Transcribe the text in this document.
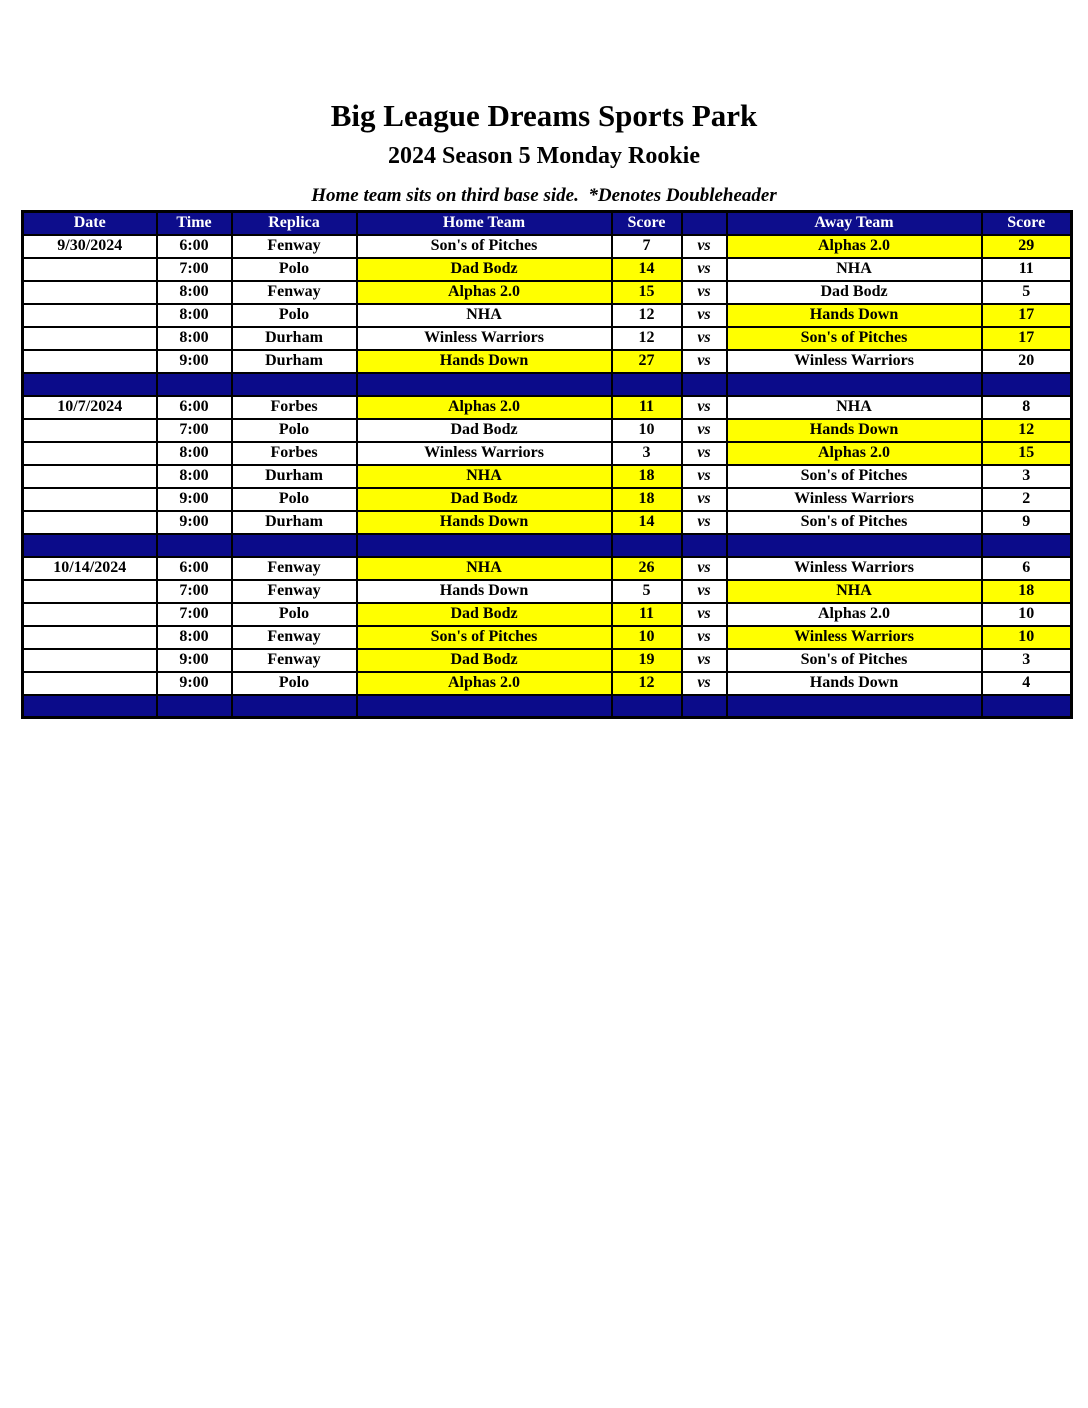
Big League Dreams Sports Park
2024 Season 5 Monday Rookie
Home team sits on third base side.  *Denotes Doubleheader
Date	Time	Replica	Home Team	Score		Away Team	Score
9/30/2024	6:00	Fenway	Son's of Pitches	7	vs	Alphas 2.0	29
	7:00	Polo	Dad Bodz	14	vs	NHA	11
	8:00	Fenway	Alphas 2.0	15	vs	Dad Bodz	5
	8:00	Polo	NHA	12	vs	Hands Down	17
	8:00	Durham	Winless Warriors	12	vs	Son's of Pitches	17
	9:00	Durham	Hands Down	27	vs	Winless Warriors	20

10/7/2024	6:00	Forbes	Alphas 2.0	11	vs	NHA	8
	7:00	Polo	Dad Bodz	10	vs	Hands Down	12
	8:00	Forbes	Winless Warriors	3	vs	Alphas 2.0	15
	8:00	Durham	NHA	18	vs	Son's of Pitches	3
	9:00	Polo	Dad Bodz	18	vs	Winless Warriors	2
	9:00	Durham	Hands Down	14	vs	Son's of Pitches	9

10/14/2024	6:00	Fenway	NHA	26	vs	Winless Warriors	6
	7:00	Fenway	Hands Down	5	vs	NHA	18
	7:00	Polo	Dad Bodz	11	vs	Alphas 2.0	10
	8:00	Fenway	Son's of Pitches	10	vs	Winless Warriors	10
	9:00	Fenway	Dad Bodz	19	vs	Son's of Pitches	3
	9:00	Polo	Alphas 2.0	12	vs	Hands Down	4
